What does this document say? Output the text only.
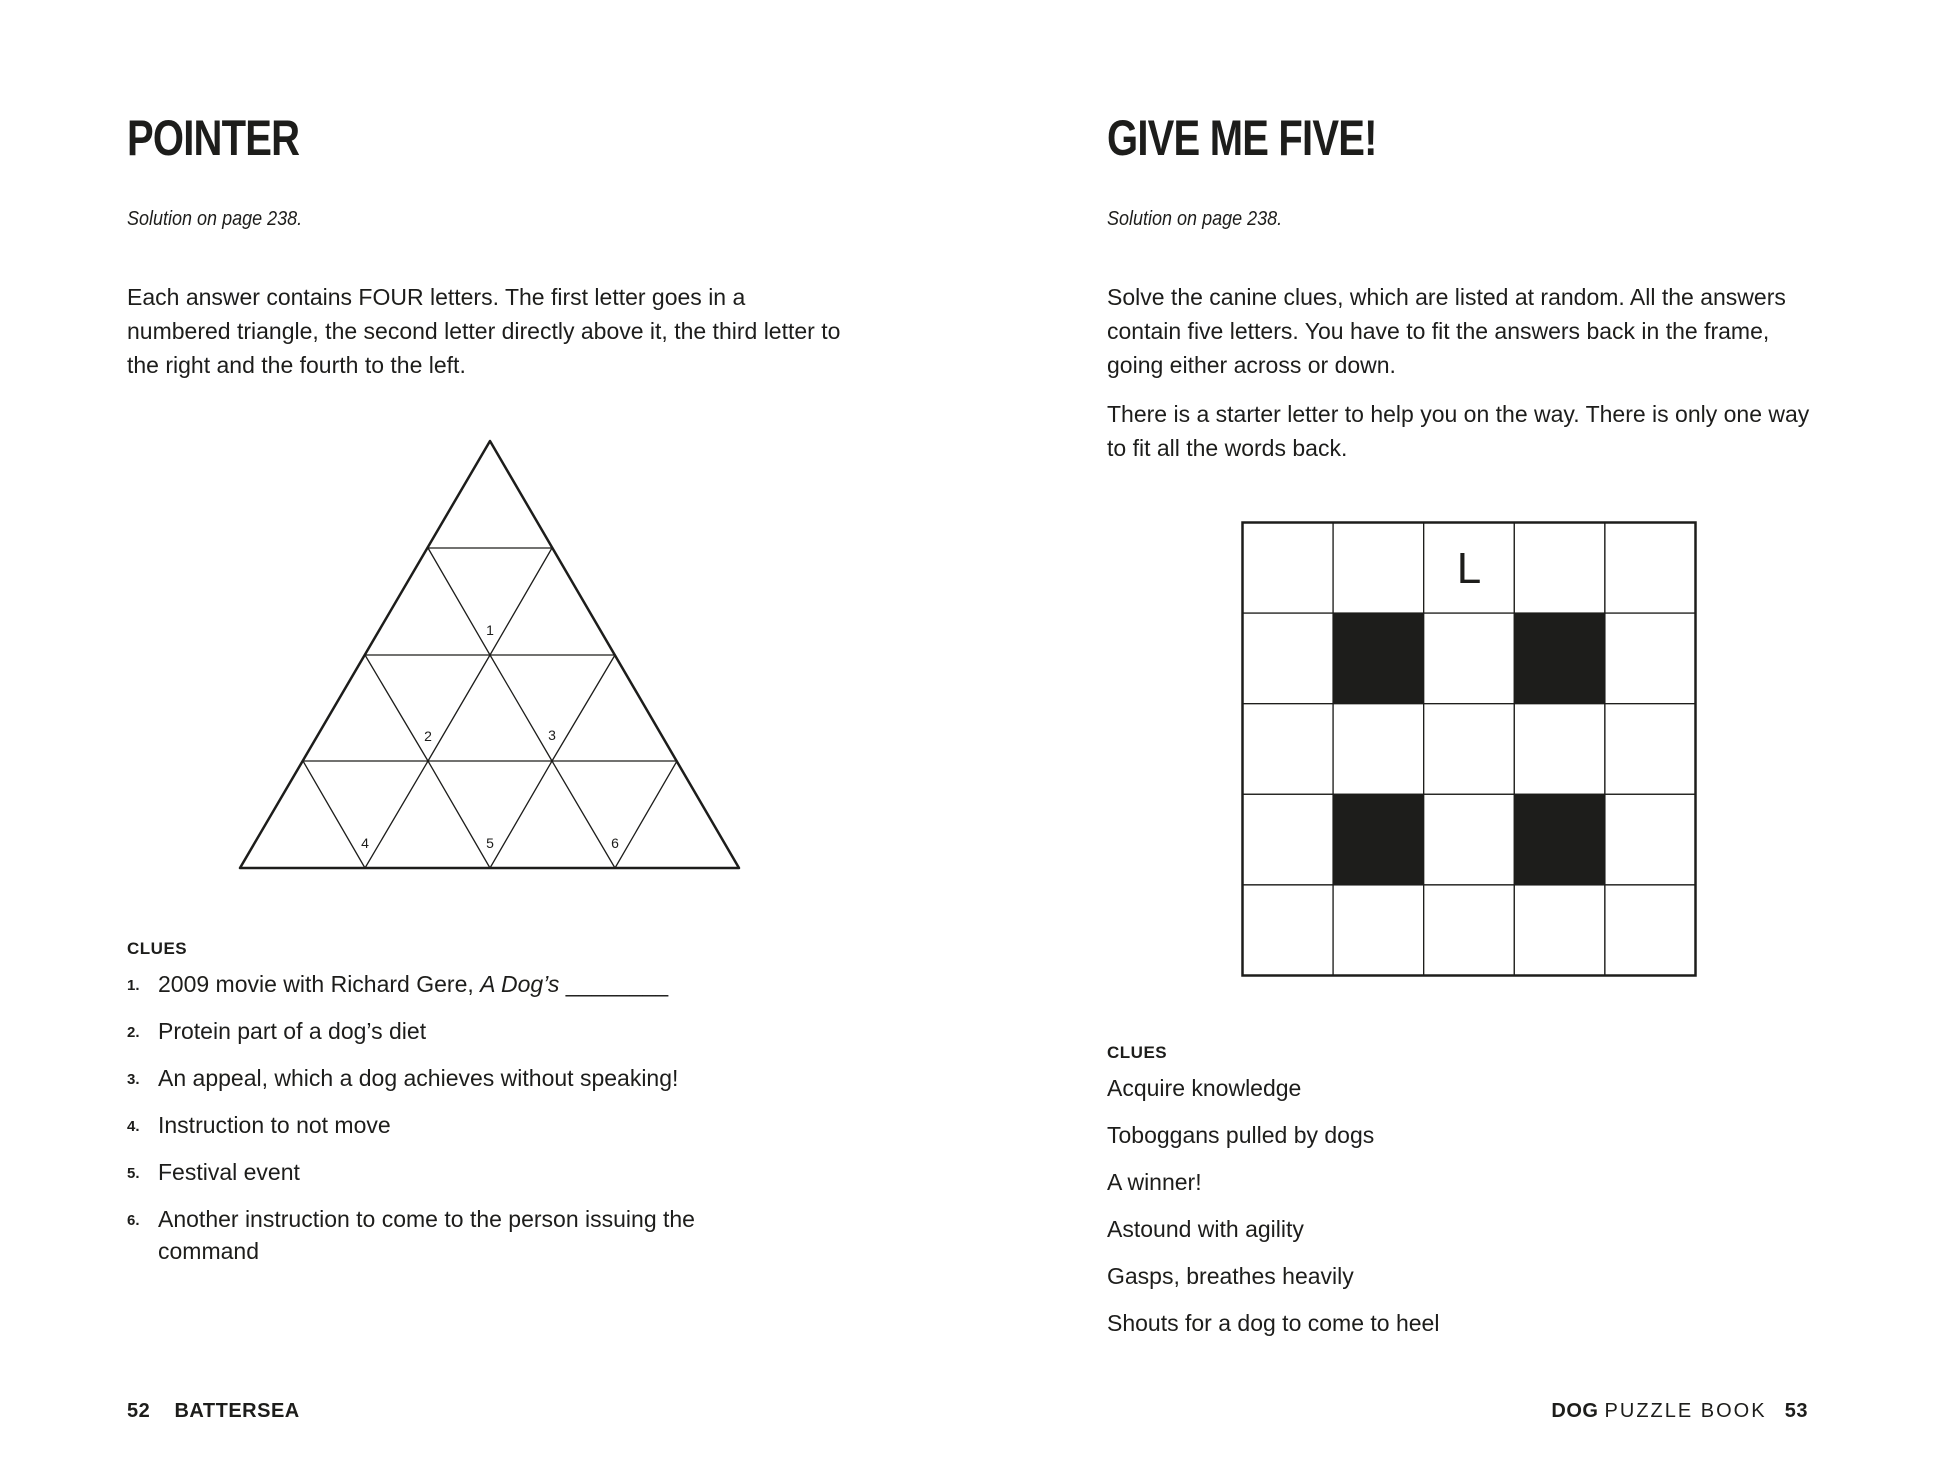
POINTER

Solution on page 238.

Each answer contains FOUR letters. The first letter goes in a numbered triangle, the second letter directly above it, the third letter to the right and the fourth to the left.

1
2	3
4	5	6
CLUES
1. 2009 movie with Richard Gere, A Dog’s ________
2. Protein part of a dog’s diet
3. An appeal, which a dog achieves without speaking!
4. Instruction to not move
5. Festival event
6. Another instruction to come to the person issuing the command
52 BATTERSEA
GIVE ME FIVE!

Solution on page 238.

Solve the canine clues, which are listed at random. All the answers contain five letters. You have to fit the answers back in the frame, going either across or down.

There is a starter letter to help you on the way. There is only one way to fit all the words back.

L
CLUES
Acquire knowledge
Toboggans pulled by dogs
A winner!
Astound with agility
Gasps, breathes heavily
Shouts for a dog to come to heel
DOG PUZZLE BOOK 53
